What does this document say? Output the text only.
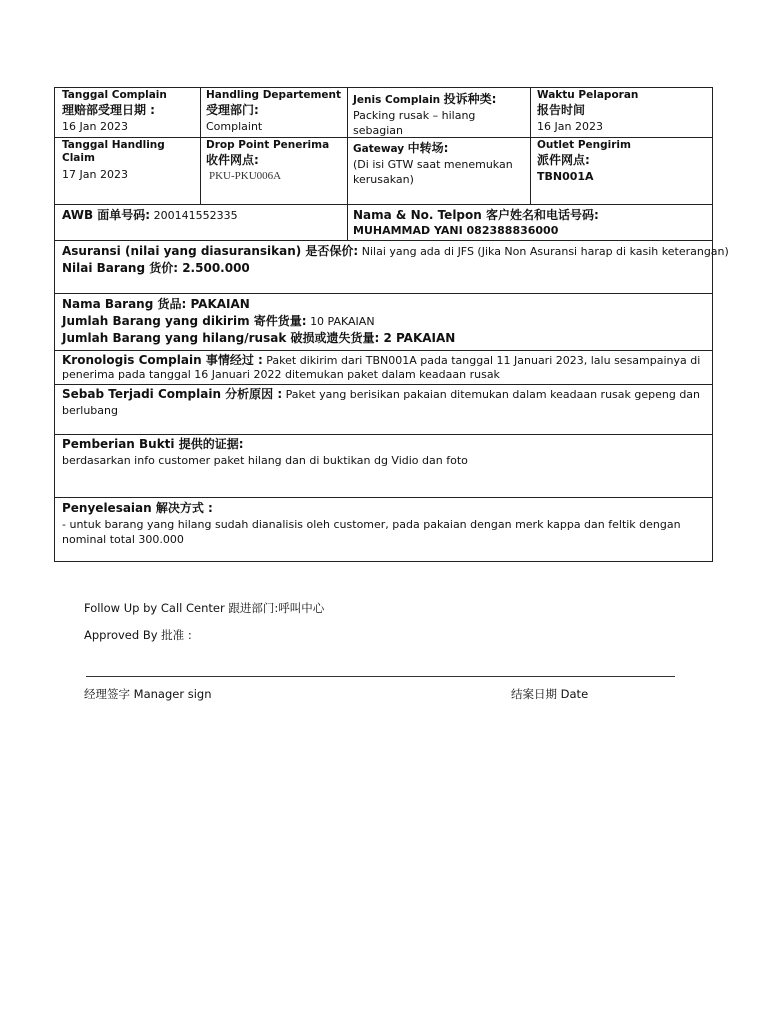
Tanggal Complain
理赔部受理日期 :
16 Jan 2023
Handling Departement
受理部门:
Complaint
Jenis Complain 投诉种类:
Packing rusak – hilang sebagian
Waktu Pelaporan
报告时间
16 Jan 2023
Tanggal Handling Claim
17 Jan 2023
Drop Point Penerima
收件网点:
PKU-PKU006A
Gateway 中转场:
(Di isi GTW saat menemukan kerusakan)
Outlet Pengirim
派件网点:
TBN001A
AWB 面单号码: 200141552335	Nama & No. Telpon 客户姓名和电话号码:
MUHAMMAD YANI 082388836000
Asuransi (nilai yang diasuransikan) 是否保价: Nilai yang ada di JFS (Jika Non Asuransi harap di kasih keterangan)
Nilai Barang 货价: 2.500.000
Nama Barang 货品: PAKAIAN
Jumlah Barang yang dikirim 寄件货量: 10 PAKAIAN
Jumlah Barang yang hilang/rusak 破损或遗失货量: 2 PAKAIAN
Kronologis Complain 事情经过 : Paket dikirim dari TBN001A pada tanggal 11 Januari 2023, lalu sesampainya di
penerima pada tanggal 16 Januari 2022 ditemukan paket dalam keadaan rusak
Sebab Terjadi Complain 分析原因 : Paket yang berisikan pakaian ditemukan dalam keadaan rusak gepeng dan
berlubang
Pemberian Bukti 提供的证据:
berdasarkan info customer paket hilang dan di buktikan dg Vidio dan foto
Penyelesaian 解决方式 :
- untuk barang yang hilang sudah dianalisis oleh customer, pada pakaian dengan merk kappa dan feltik dengan
nominal total 300.000
Follow Up by Call Center 跟进部门:呼叫中心
Approved By 批准 :
经理签字 Manager sign	结案日期 Date
